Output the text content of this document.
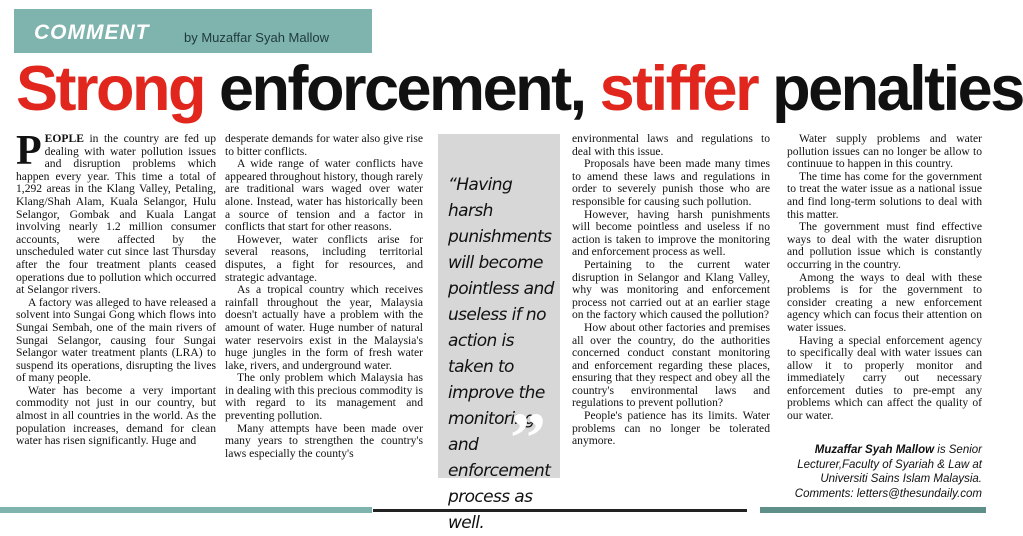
COMMENT	by Muzaffar Syah Mallow
Strong enforcement, stiffer penalties

PEOPLE in the country are fed up dealing with water pollution issues and disruption problems which happen every year. This time a total of 1,292 areas in the Klang Valley, Petaling, Klang/Shah Alam, Kuala Selangor, Hulu Selangor, Gombak and Kuala Langat involving nearly 1.2 million consumer accounts, were affected by the unscheduled water cut since last Thursday after the four treatment plants ceased operations due to pollution which occurred at Selangor rivers.

A factory was alleged to have released a solvent into Sungai Gong which flows into Sungai Sembah, one of the main rivers of Sungai Selangor, causing four Sungai Selangor water treatment plants (LRA) to suspend its operations, disrupting the lives of many people.

Water has become a very important commodity not just in our country, but almost in all countries in the world. As the population increases, demand for clean water has risen significantly. Huge and

desperate demands for water also give rise to bitter conflicts.

A wide range of water conflicts have appeared throughout history, though rarely are traditional wars waged over water alone. Instead, water has historically been a source of tension and a factor in conflicts that start for other reasons.

However, water conflicts arise for several reasons, including territorial disputes, a fight for resources, and strategic advantage.

As a tropical country which receives rainfall throughout the year, Malaysia doesn't actually have a problem with the amount of water. Huge number of natural water reservoirs exist in the Malaysia's huge jungles in the form of fresh water lake, rivers, and underground water.

The only problem which Malaysia has in dealing with this precious commodity is with regard to its management and preventing pollution.

Many attempts have been made over many years to strengthen the country's laws especially the county's

“Having harsh punishments will become pointless and useless if no action is taken to improve the monitoring and enforcement process as well.
”

environmental laws and regulations to deal with this issue.

Proposals have been made many times to amend these laws and regulations in order to severely punish those who are responsible for causing such pollution.

However, having harsh punishments will become pointless and useless if no action is taken to improve the monitoring and enforcement process as well.

Pertaining to the current water disruption in Selangor and Klang Valley, why was monitoring and enforcement process not carried out at an earlier stage on the factory which caused the pollution?

How about other factories and premises all over the country, do the authorities concerned conduct constant monitoring and enforcement regarding these places, ensuring that they respect and obey all the country's environmental laws and regulations to prevent pollution?

People's patience has its limits. Water problems can no longer be tolerated anymore.

Water supply problems and water pollution issues can no longer be allow to continuue to happen in this country.

The time has come for the government to treat the water issue as a national issue and find long-term solutions to deal with this matter.

The government must find effective ways to deal with the water disruption and pollution issue which is constantly occurring in the country.

Among the ways to deal with these problems is for the government to consider creating a new enforcement agency which can focus their attention on water issues.

Having a special enforcement agency to specifically deal with water issues can allow it to properly monitor and immediately carry out necessary enforcement duties to pre-empt any problems which can affect the quality of our water.

Muzaffar Syah Mallow is Senior
Lecturer,Faculty of Syariah & Law at
Universiti Sains Islam Malaysia.
Comments: letters@thesundaily.com
